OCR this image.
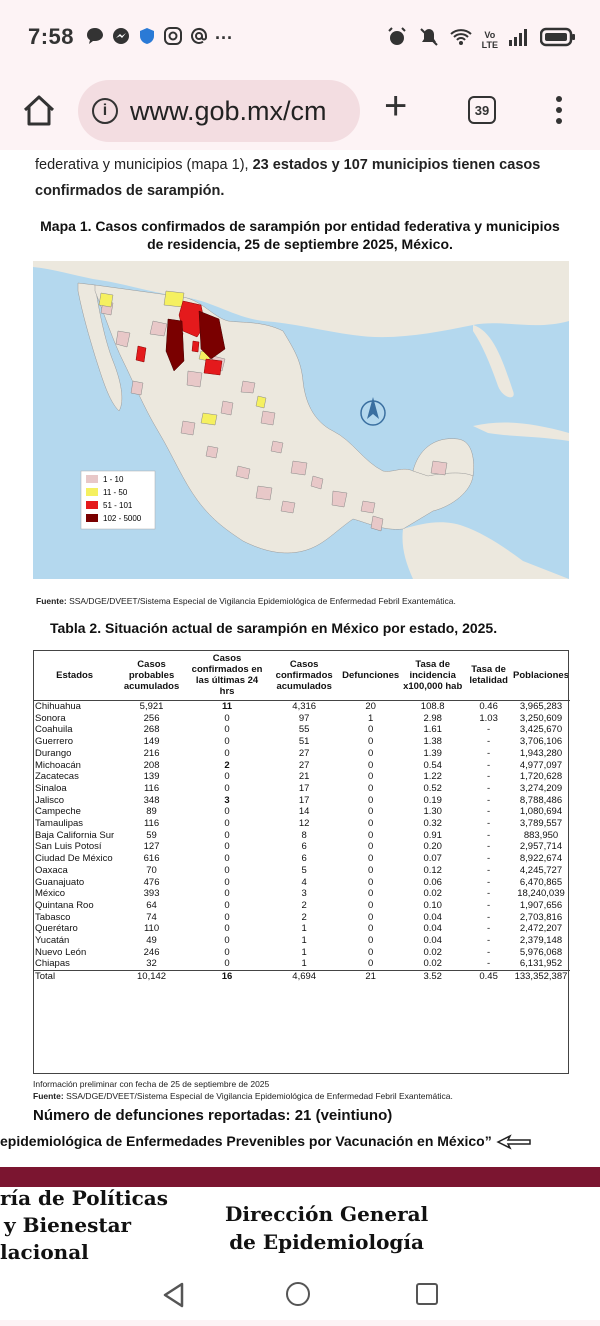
7:58	···	Vo
LTE
i www.gob.mx/cm +	39
federativa y municipios (mapa 1), 23 estados y 107 municipios tienen casos confirmados de sarampión.
Mapa 1. Casos confirmados de sarampión por entidad federativa y municipios de residencia, 25 de septiembre 2025, México.
1 - 10
11 - 50
51 - 101
102 - 5000
Fuente: SSA/DGE/DVEET/Sistema Especial de Vigilancia Epidemiológica de Enfermedad Febril Exantemática.
Tabla 2. Situación actual de sarampión en México por estado, 2025.
Estados	Casos probables acumulados	Casos confirmados en las últimas 24 hrs	Casos confirmados acumulados	Defunciones	Tasa de incidencia x100,000 hab	Tasa de letalidad	Poblaciones
Chihuahua	5,921	11	4,316	20	108.8	0.46	3,965,283
Sonora	256	0	97	1	2.98	1.03	3,250,609
Coahuila	268	0	55	0	1.61	-	3,425,670
Guerrero	149	0	51	0	1.38	-	3,706,106
Durango	216	0	27	0	1.39	-	1,943,280
Michoacán	208	2	27	0	0.54	-	4,977,097
Zacatecas	139	0	21	0	1.22	-	1,720,628
Sinaloa	116	0	17	0	0.52	-	3,274,209
Jalisco	348	3	17	0	0.19	-	8,788,486
Campeche	89	0	14	0	1.30	-	1,080,694
Tamaulipas	116	0	12	0	0.32	-	3,789,557
Baja California Sur	59	0	8	0	0.91	-	883,950
San Luis Potosí	127	0	6	0	0.20	-	2,957,714
Ciudad De México	616	0	6	0	0.07	-	8,922,674
Oaxaca	70	0	5	0	0.12	-	4,245,727
Guanajuato	476	0	4	0	0.06	-	6,470,865
México	393	0	3	0	0.02	-	18,240,039
Quintana Roo	64	0	2	0	0.10	-	1,907,656
Tabasco	74	0	2	0	0.04	-	2,703,816
Querétaro	110	0	1	0	0.04	-	2,472,207
Yucatán	49	0	1	0	0.04	-	2,379,148
Nuevo León	246	0	1	0	0.02	-	5,976,068
Chiapas	32	0	1	0	0.02	-	6,131,952
Total	10,142	16	4,694	21	3.52	0.45	133,352,387
Información preliminar con fecha de 25 de septiembre de 2025
Fuente: SSA/DGE/DVEET/Sistema Especial de Vigilancia Epidemiológica de Enfermedad Febril Exantemática.
Número de defunciones reportadas: 21 (veintiuno)
epidemiológica de Enfermedades Prevenibles por Vacunación en México”
ría de Políticas
y Bienestar
lacional
Dirección General
de Epidemiología
